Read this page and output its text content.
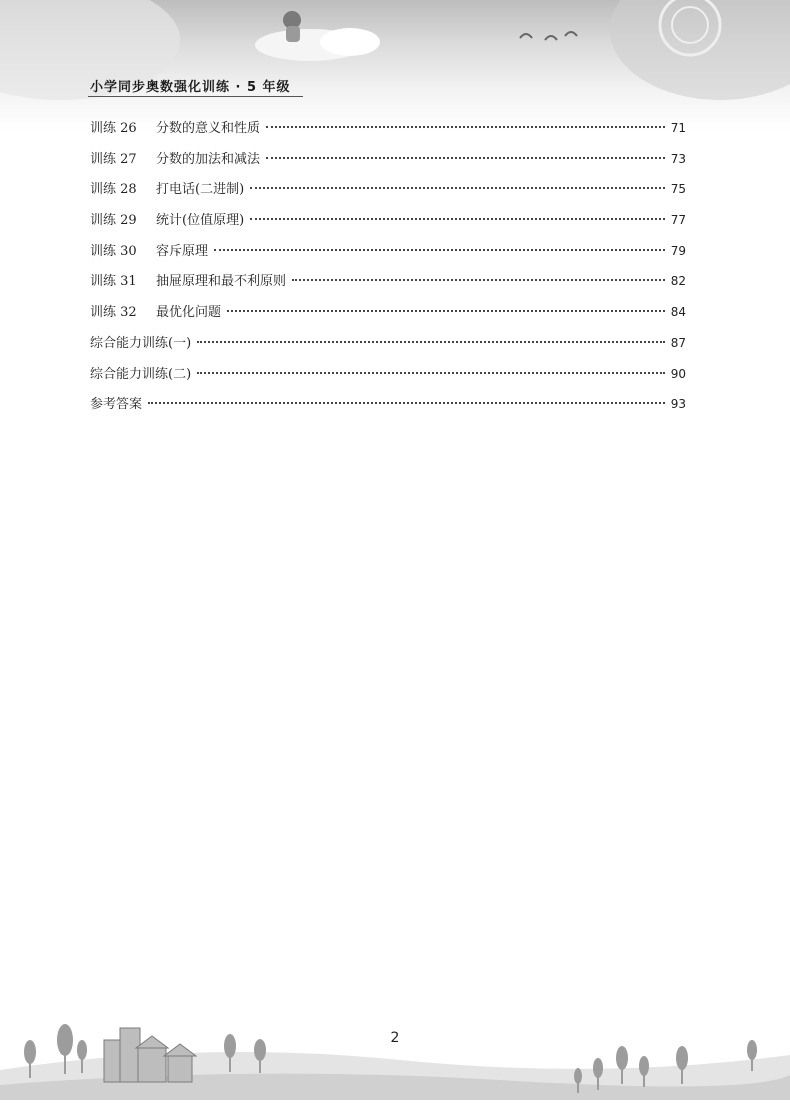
小学同步奥数强化训练 · 5 年级
训练 26	分数的意义和性质	71
训练 27	分数的加法和减法	73
训练 28	打电话(二进制)	75
训练 29	统计(位值原理)	77
训练 30	容斥原理	79
训练 31	抽屉原理和最不利原则	82
训练 32	最优化问题	84
综合能力训练(一)	87
综合能力训练(二)	90
参考答案	93
2
